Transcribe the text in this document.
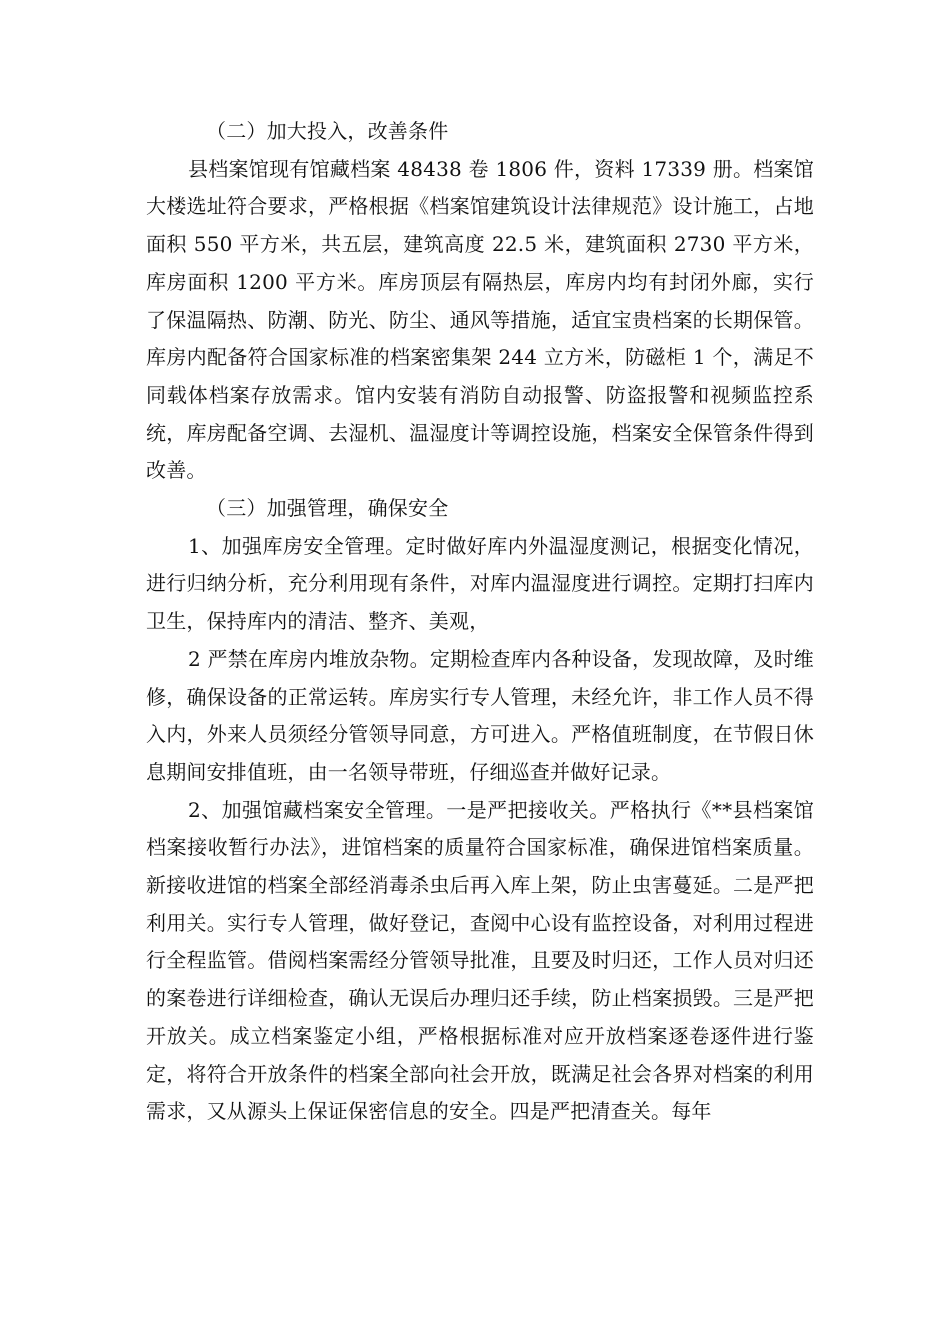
（二）加大投入，改善条件

县档案馆现有馆藏档案 48438 卷 1806 件，资料 17339 册。档案馆大楼选址符合要求，严格根据《档案馆建筑设计法律规范》设计施工，占地面积 550 平方米，共五层，建筑高度 22.5 米，建筑面积 2730 平方米，库房面积 1200 平方米。库房顶层有隔热层，库房内均有封闭外廊，实行了保温隔热、防潮、防光、防尘、通风等措施，适宜宝贵档案的长期保管。库房内配备符合国家标准的档案密集架 244 立方米，防磁柜 1 个，满足不同载体档案存放需求。馆内安装有消防自动报警、防盗报警和视频监控系统，库房配备空调、去湿机、温湿度计等调控设施，档案安全保管条件得到改善。

（三）加强管理，确保安全

1、加强库房安全管理。定时做好库内外温湿度测记，根据变化情况，进行归纳分析，充分利用现有条件，对库内温湿度进行调控。定期打扫库内卫生，保持库内的清洁、整齐、美观，

2 严禁在库房内堆放杂物。定期检查库内各种设备，发现故障，及时维修，确保设备的正常运转。库房实行专人管理，未经允许，非工作人员不得入内，外来人员须经分管领导同意，方可进入。严格值班制度，在节假日休息期间安排值班，由一名领导带班，仔细巡查并做好记录。

2、加强馆藏档案安全管理。一是严把接收关。严格执行《**县档案馆档案接收暂行办法》，进馆档案的质量符合国家标准，确保进馆档案质量。新接收进馆的档案全部经消毒杀虫后再入库上架，防止虫害蔓延。二是严把利用关。实行专人管理，做好登记，查阅中心设有监控设备，对利用过程进行全程监管。借阅档案需经分管领导批准，且要及时归还，工作人员对归还的案卷进行详细检查，确认无误后办理归还手续，防止档案损毁。三是严把开放关。成立档案鉴定小组，严格根据标准对应开放档案逐卷逐件进行鉴定，将符合开放条件的档案全部向社会开放，既满足社会各界对档案的利用需求，又从源头上保证保密信息的安全。四是严把清查关。每年
